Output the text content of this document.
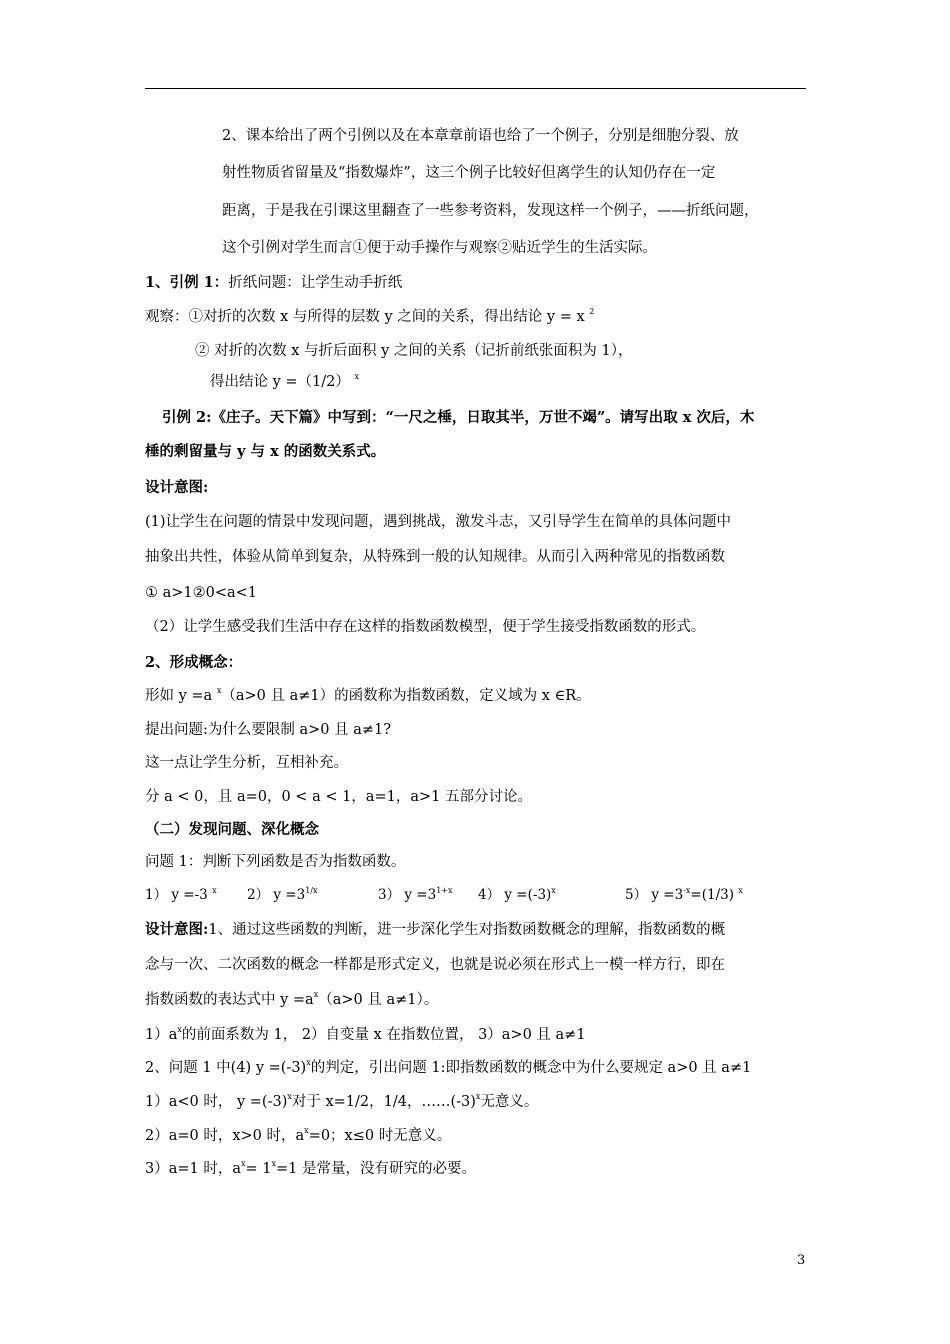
2、课本给出了两个引例以及在本章章前语也给了一个例子，分别是细胞分裂、放
射性物质省留量及“指数爆炸”，这三个例子比较好但离学生的认知仍存在一定
距离，于是我在引课这里翻查了一些参考资料，发现这样一个例子，——折纸问题，
这个引例对学生而言①便于动手操作与观察②贴近学生的生活实际。
1、引例 1：折纸问题：让学生动手折纸
观察：①对折的次数 x 与所得的层数 y 之间的关系，得出结论 y = x $^2$
② 对折的次数 x 与折后面积 y 之间的关系（记折前纸张面积为 1），
得出结论 y =（1/2） $^x$
引例 2:《庄子。天下篇》中写到：“一尺之棰，日取其半，万世不竭”。请写出取 x 次后，木
棰的剩留量与 y 与 x 的函数关系式。
设计意图:
(1)让学生在问题的情景中发现问题，遇到挑战，激发斗志，又引导学生在简单的具体问题中
抽象出共性，体验从简单到复杂，从特殊到一般的认知规律。从而引入两种常见的指数函数
① a>1②0<a<1
（2）让学生感受我们生活中存在这样的指数函数模型，便于学生接受指数函数的形式。
2、形成概念：
形如 y =a $^x$（a>0 且 a≠1）的函数称为指数函数，定义域为 x ∈R。
提出问题:为什么要限制 a>0 且 a≠1?
这一点让学生分析，互相补充。
分 a < 0，且 a=0，0 < a < 1，a=1，a>1 五部分讨论。
（二）发现问题、深化概念
问题 1：判断下列函数是否为指数函数。
1） y =-3 $^x$ 2） $y =3^{1/x}$	3） $y =3^{1+x}$ 4） $y =(-3)^x$	5） $y =3^{-x}=(1/3)$ $^x$
设计意图:1、通过这些函数的判断，进一步深化学生对指数函数概念的理解，指数函数的概
念与一次、二次函数的概念一样都是形式定义，也就是说必须在形式上一模一样方行，即在
指数函数的表达式中 $y =a^x(a>0$ 且 a≠1）。
$1)a^x$的前面系数为 1， 2）自变量 x 在指数位置， 3）a>0 且 a≠1
2、问题 1 中(4) $y =(-3)^x$的判定，引出问题 1:即指数函数的概念中为什么要规定 a>0 且 a≠1
1）a<0 时， $y =(-3)^x$对于 x=1/2，1/4，$\dots\dots(-3)^x$无意义。
2）a=0 时，x>0 时，$a^x=0$；x≤0 时无意义。
3）a=1 时，$a^x= 1^x=1$ 是常量，没有研究的必要。
3
